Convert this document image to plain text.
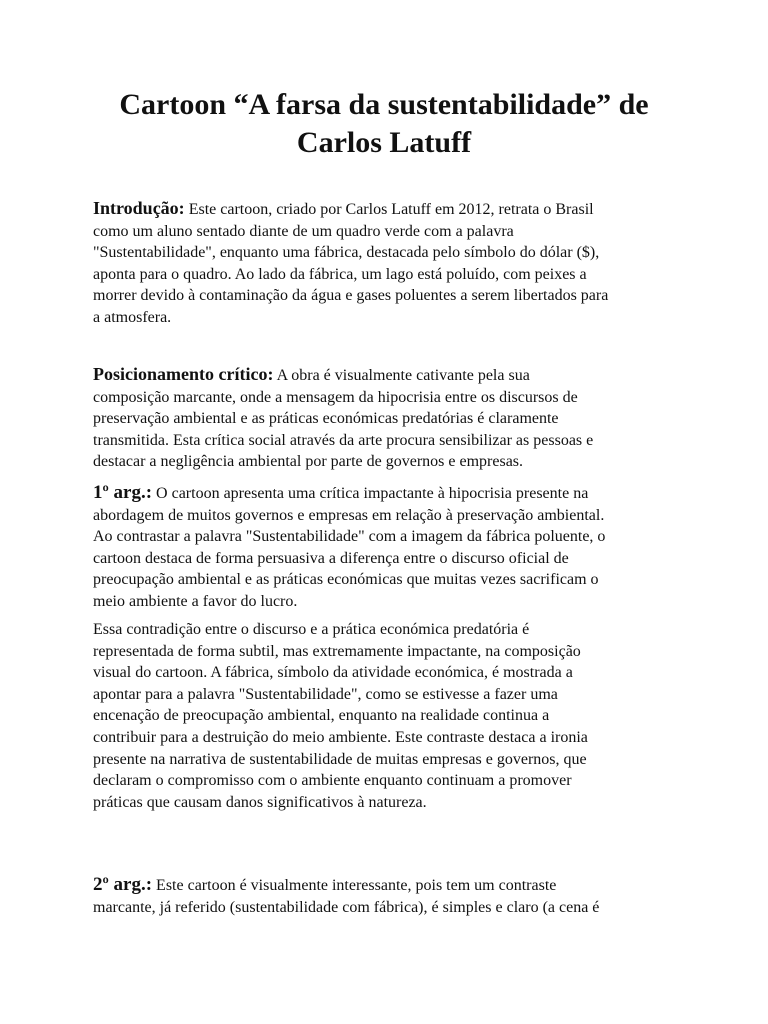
Cartoon “A farsa da sustentabilidade” de
Carlos Latuff

Introdução: Este cartoon, criado por Carlos Latuff em 2012, retrata o Brasil
como um aluno sentado diante de um quadro verde com a palavra
"Sustentabilidade", enquanto uma fábrica, destacada pelo símbolo do dólar ($),
aponta para o quadro. Ao lado da fábrica, um lago está poluído, com peixes a
morrer devido à contaminação da água e gases poluentes a serem libertados para
a atmosfera.

Posicionamento crítico: A obra é visualmente cativante pela sua
composição marcante, onde a mensagem da hipocrisia entre os discursos de
preservação ambiental e as práticas económicas predatórias é claramente
transmitida. Esta crítica social através da arte procura sensibilizar as pessoas e
destacar a negligência ambiental por parte de governos e empresas.

1º arg.: O cartoon apresenta uma crítica impactante à hipocrisia presente na
abordagem de muitos governos e empresas em relação à preservação ambiental.
Ao contrastar a palavra "Sustentabilidade" com a imagem da fábrica poluente, o
cartoon destaca de forma persuasiva a diferença entre o discurso oficial de
preocupação ambiental e as práticas económicas que muitas vezes sacrificam o
meio ambiente a favor do lucro.

Essa contradição entre o discurso e a prática económica predatória é
representada de forma subtil, mas extremamente impactante, na composição
visual do cartoon. A fábrica, símbolo da atividade económica, é mostrada a
apontar para a palavra "Sustentabilidade", como se estivesse a fazer uma
encenação de preocupação ambiental, enquanto na realidade continua a
contribuir para a destruição do meio ambiente. Este contraste destaca a ironia
presente na narrativa de sustentabilidade de muitas empresas e governos, que
declaram o compromisso com o ambiente enquanto continuam a promover
práticas que causam danos significativos à natureza.

2º arg.: Este cartoon é visualmente interessante, pois tem um contraste
marcante, já referido (sustentabilidade com fábrica), é simples e claro (a cena é
